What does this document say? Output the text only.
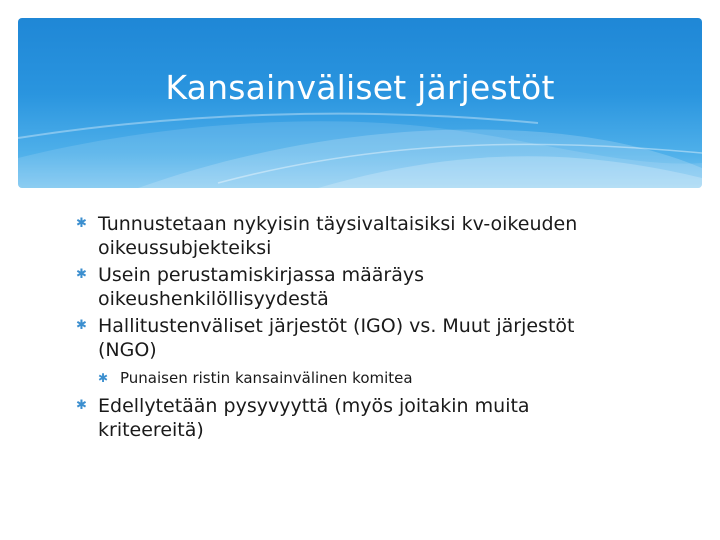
Kansainväliset järjestöt
✱ Tunnustetaan nykyisin täysivaltaisiksi kv-oikeuden oikeussubjekteiksi
✱ Usein perustamiskirjassa määräys oikeushenkilöllisyydestä
✱ Hallitustenväliset järjestöt (IGO) vs. Muut järjestöt (NGO)
✱ Punaisen ristin kansainvälinen komitea
✱ Edellytetään pysyvyyttä (myös joitakin muita kriteereitä)
